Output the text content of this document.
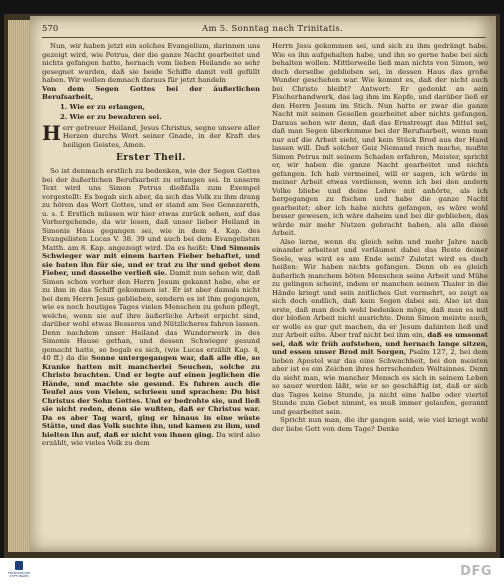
570	Am 5. Sonntag nach Trinitatis.

Nun, wir haben jetzt ein solches Evangelium, darinnen uns gezeigt wird, wie Petrus, der die ganze Nacht gearbeitet und nichts gefangen hatte, hernach vom lieben Heilande so sehr gesegnet wurden, daß sie beide Schiffe damit voll gefüllt haben. Wir wollen demnach daraus für jetzt handeln

Von dem Segen Gottes bei der äußerlichen Berufsarbeit,

1. Wie er zu erlangen,
2. Wie er zu bewahren sei.

Herr getreuer Heiland, Jesus Christus, segne unsere aller Herzen durchs Wort seiner Gnade, in der Kraft des heiligen Geistes, Amen.

Erster Theil.

So ist denmach erstlich zu bedenken, wie der Segen Gottes bei der äußerlichen Berufsarbeit zu erlangen sei. In unserm Text wird uns Simon Petrus dießfalls zum Exempel vorgestellt: Es begab sich aber, da sich das Volk zu ihm drang zu hören das Wort Gottes, und er stand am See Genezareth, u. s. f. Erstlich müssen wir hier etwas zurück sehen, auf das Vorhergehende, da wir lesen, daß unser lieber Heiland in Simonis Haus gegangen sei, wie in dem 4. Kap. des Evangelisten Lucas V. 38. 39 und auch bei dem Evangelisten Matth. am 8. Kap. angezeigt wird. Da es heißt: Und Simonis Schwieger war mit einem harten Fieber behaftet, und sie baten ihn für sie, und er trat zu ihr und gebot dem Fieber, und dasselbe verließ sie. Damit nun sehen wir, daß Simon schon vorher den Herrn Jesum gekannt habe, ehe er zu ihm in das Schiff gekommen ist. Er ist aber damals nicht bei dem Herrn Jesus geblieben, sondern es ist ihm gegangen, wie es noch heutiges Tages vielen Menschen zu gehen pflegt, welche, wenn sie auf ihre äußerliche Arbeit erpicht sind, darüber wohl etwas Besseres und Nützlicheres fahren lassen. Denn nachdem unser Heiland das Wunderwerk in des Simonis Hause gethan, und dessen Schwieger gesund gemacht hatte, so begab es sich, (wie Lucas erzählt Kap. 4, 40 ff.) da die Sonne untergegangen war, daß alle die, so Kranke hatten mit mancherlei Seuchen, solche zu Christo brachten. Und er legte auf einen jeglichen die Hände, und machte sie gesund. Es fuhren auch die Teufel aus von Vielen, schrieen und sprachen: Du bist Christus der Sohn Gottes. Und er bedrohte sie, und ließ sie nicht reden, denn sie wußten, daß er Christus war. Da es aber Tag ward, ging er hinaus in eine wüste Stätte, und das Volk suchte ihn, und kamen zu ihm, und hielten ihn auf, daß er nicht von ihnen ging. Da wird also erzählt, wie vieles Volk zu dem

Herrn Jesu gekommen sei, und sich zu ihm gedrängt habe. Wie es ihn aufgehalten habe, und ihn so gerne habe bei sich behalten wollen. Mittlerweile ließ man nichts von Simon, wo doch derselbe geblieben sei, in dessen Haus das große Wunder geschehen war. Wie kommt es, daß der nicht auch bei Christo bleibt? Antwort: Er gedenkt an sein Fischerhandwerk, das lag ihm im Kopfe, und darüber ließ er den Herrn Jesum im Stich. Nun hatte er zwar die ganze Nacht mit seinen Gesellen gearbeitet aber nichts gefangen. Daraus sehen wir denn, daß das Ernstreugt das Mittel sei, daß man Segen überkomme bei der Berufsarbeit, wenn man nur auf die Arbeit sieht, und kein Stück Brod aus der Hand lassen will. Daß solcher Geiz Niemand reich mache, mußte Simon Petrus mit seinem Schaden erfahren, Meister, spricht er, wir haben die ganze Nacht gearbeitet und nichts gefangen. Ich hab vermeinel, will er sagen, ich würde in meiner Arbeit etwas verdienen, wenn ich bei den andern Volke bliebe und deine Lehre mit anhörte, als ich hergegangen zu fischen und habe die ganze Nacht gearbeitet; aber ich habe nichts gefangen, es wäre wohl besser gewesen, ich wäre daheim und bei dir geblieben, das würde mir mehr Nutzen gebracht haben, als alle diese Arbeit.

Also lerne, wenn du gleich sehn und mehr Jahre nach einander arbeitest und verläumst dabei das Beste deiner Seele, was wird es am Ende sein? Zuletzt wird es doch heißen: Wir haben nichts gefangen. Denn ob es gleich äußerlich manchem böten Menschen seine Arbeit und Mühe zu gelingen scheint, indem er manchen seinen Thaler in die Hände kriegt und sein zeitliches Gut vermehrt, so zeigt es sich doch endlich, daß kein Segen dabei sei. Also ist das erste, daß man doch wohl bedenken möge, daß man es mit der bloßen Arbeit nicht ausrichte. Denn Simon meinte auch, er wolle es gar gut machen, da er Jesum dahinten ließ und zur Arbeit eilte. Aber traf nicht bei ihm ein, daß es umsonst sei, daß wir früh aufstehen, und hernach lange sitzen, und essen unser Brod mit Sorgen, Psalm 127, 2, bei dem lieben Apostel war das eine Schwachheit, bei den meisten aber ist es ein Zeichen ihres herrschenden Weltsinnes. Denn da sieht man, wie mancher Mensch es sich in seinem Leben so sauer werden läßt, wie er so geschäftig ist, daß er sich das Tages keine Stunde, ja nicht eine halbe oder viertel Stunde zum Gebet nimmt, es muß immer gelaufen, gerannt und gearbeitet sein.

Spricht nun man, die ihr gangen seid, wie viel kriegt wohl der liebe Gott von dem Tage? Denke

FRANCKESCHE STIFTUNGEN	DFG
